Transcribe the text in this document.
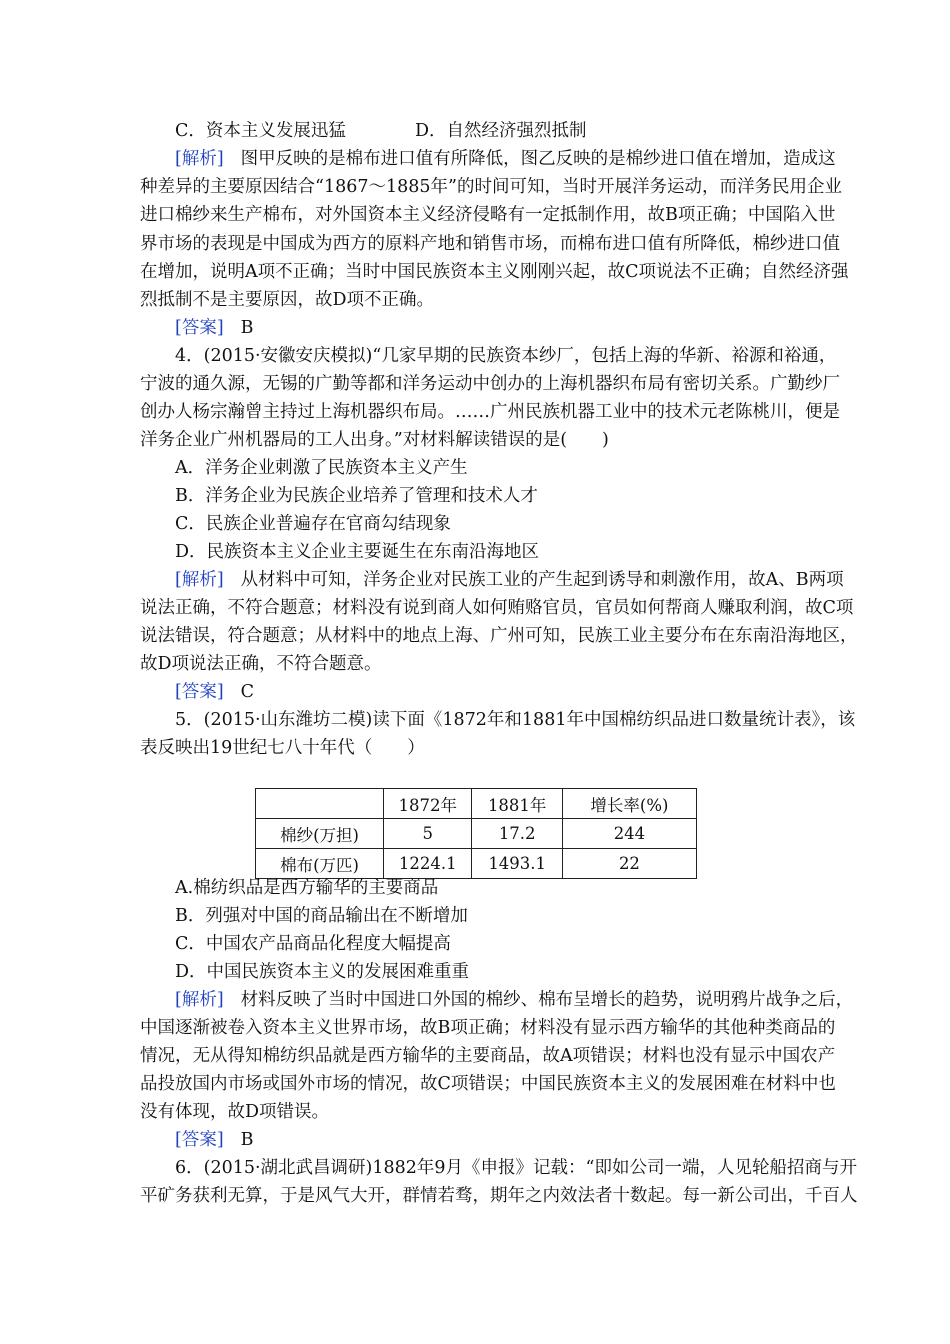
C．资本主义发展迅猛	D．自然经济强烈抵制
[解析] 图甲反映的是棉布进口值有所降低，图乙反映的是棉纱进口值在增加，造成这
种差异的主要原因结合“1867～1885年”的时间可知，当时开展洋务运动，而洋务民用企业
进口棉纱来生产棉布，对外国资本主义经济侵略有一定抵制作用，故B项正确；中国陷入世
界市场的表现是中国成为西方的原料产地和销售市场，而棉布进口值有所降低，棉纱进口值
在增加，说明A项不正确；当时中国民族资本主义刚刚兴起，故C项说法不正确；自然经济强
烈抵制不是主要原因，故D项不正确。
[答案] B
4．(2015·安徽安庆模拟)“几家早期的民族资本纱厂，包括上海的华新、裕源和裕通，
宁波的通久源，无锡的广勤等都和洋务运动中创办的上海机器织布局有密切关系。广勤纱厂
创办人杨宗瀚曾主持过上海机器织布局。……广州民族机器工业中的技术元老陈桃川，便是
洋务企业广州机器局的工人出身。”对材料解读错误的是(　　)
A．洋务企业刺激了民族资本主义产生
B．洋务企业为民族企业培养了管理和技术人才
C．民族企业普遍存在官商勾结现象
D．民族资本主义企业主要诞生在东南沿海地区
[解析] 从材料中可知，洋务企业对民族工业的产生起到诱导和刺激作用，故A、B两项
说法正确，不符合题意；材料没有说到商人如何贿赂官员，官员如何帮商人赚取利润，故C项
说法错误，符合题意；从材料中的地点上海、广州可知，民族工业主要分布在东南沿海地区，
故D项说法正确，不符合题意。
[答案] C
5．(2015·山东潍坊二模)读下面《1872年和1881年中国棉纺织品进口数量统计表》，该
表反映出19世纪七八十年代（　　）
	1872年	1881年	增长率(%)
棉纱(万担)	5	17.2	244
棉布(万匹)	1224.1	1493.1	22
A.棉纺织品是西方输华的主要商品
B．列强对中国的商品输出在不断增加
C．中国农产品商品化程度大幅提高
D．中国民族资本主义的发展困难重重
[解析] 材料反映了当时中国进口外国的棉纱、棉布呈增长的趋势，说明鸦片战争之后，
中国逐渐被卷入资本主义世界市场，故B项正确；材料没有显示西方输华的其他种类商品的
情况，无从得知棉纺织品就是西方输华的主要商品，故A项错误；材料也没有显示中国农产
品投放国内市场或国外市场的情况，故C项错误；中国民族资本主义的发展困难在材料中也
没有体现，故D项错误。
[答案] B
6．(2015·湖北武昌调研)1882年9月《申报》记载：“即如公司一端，人见轮船招商与开
平矿务获利无算，于是风气大开，群情若骛，期年之内效法者十数起。每一新公司出，千百人
